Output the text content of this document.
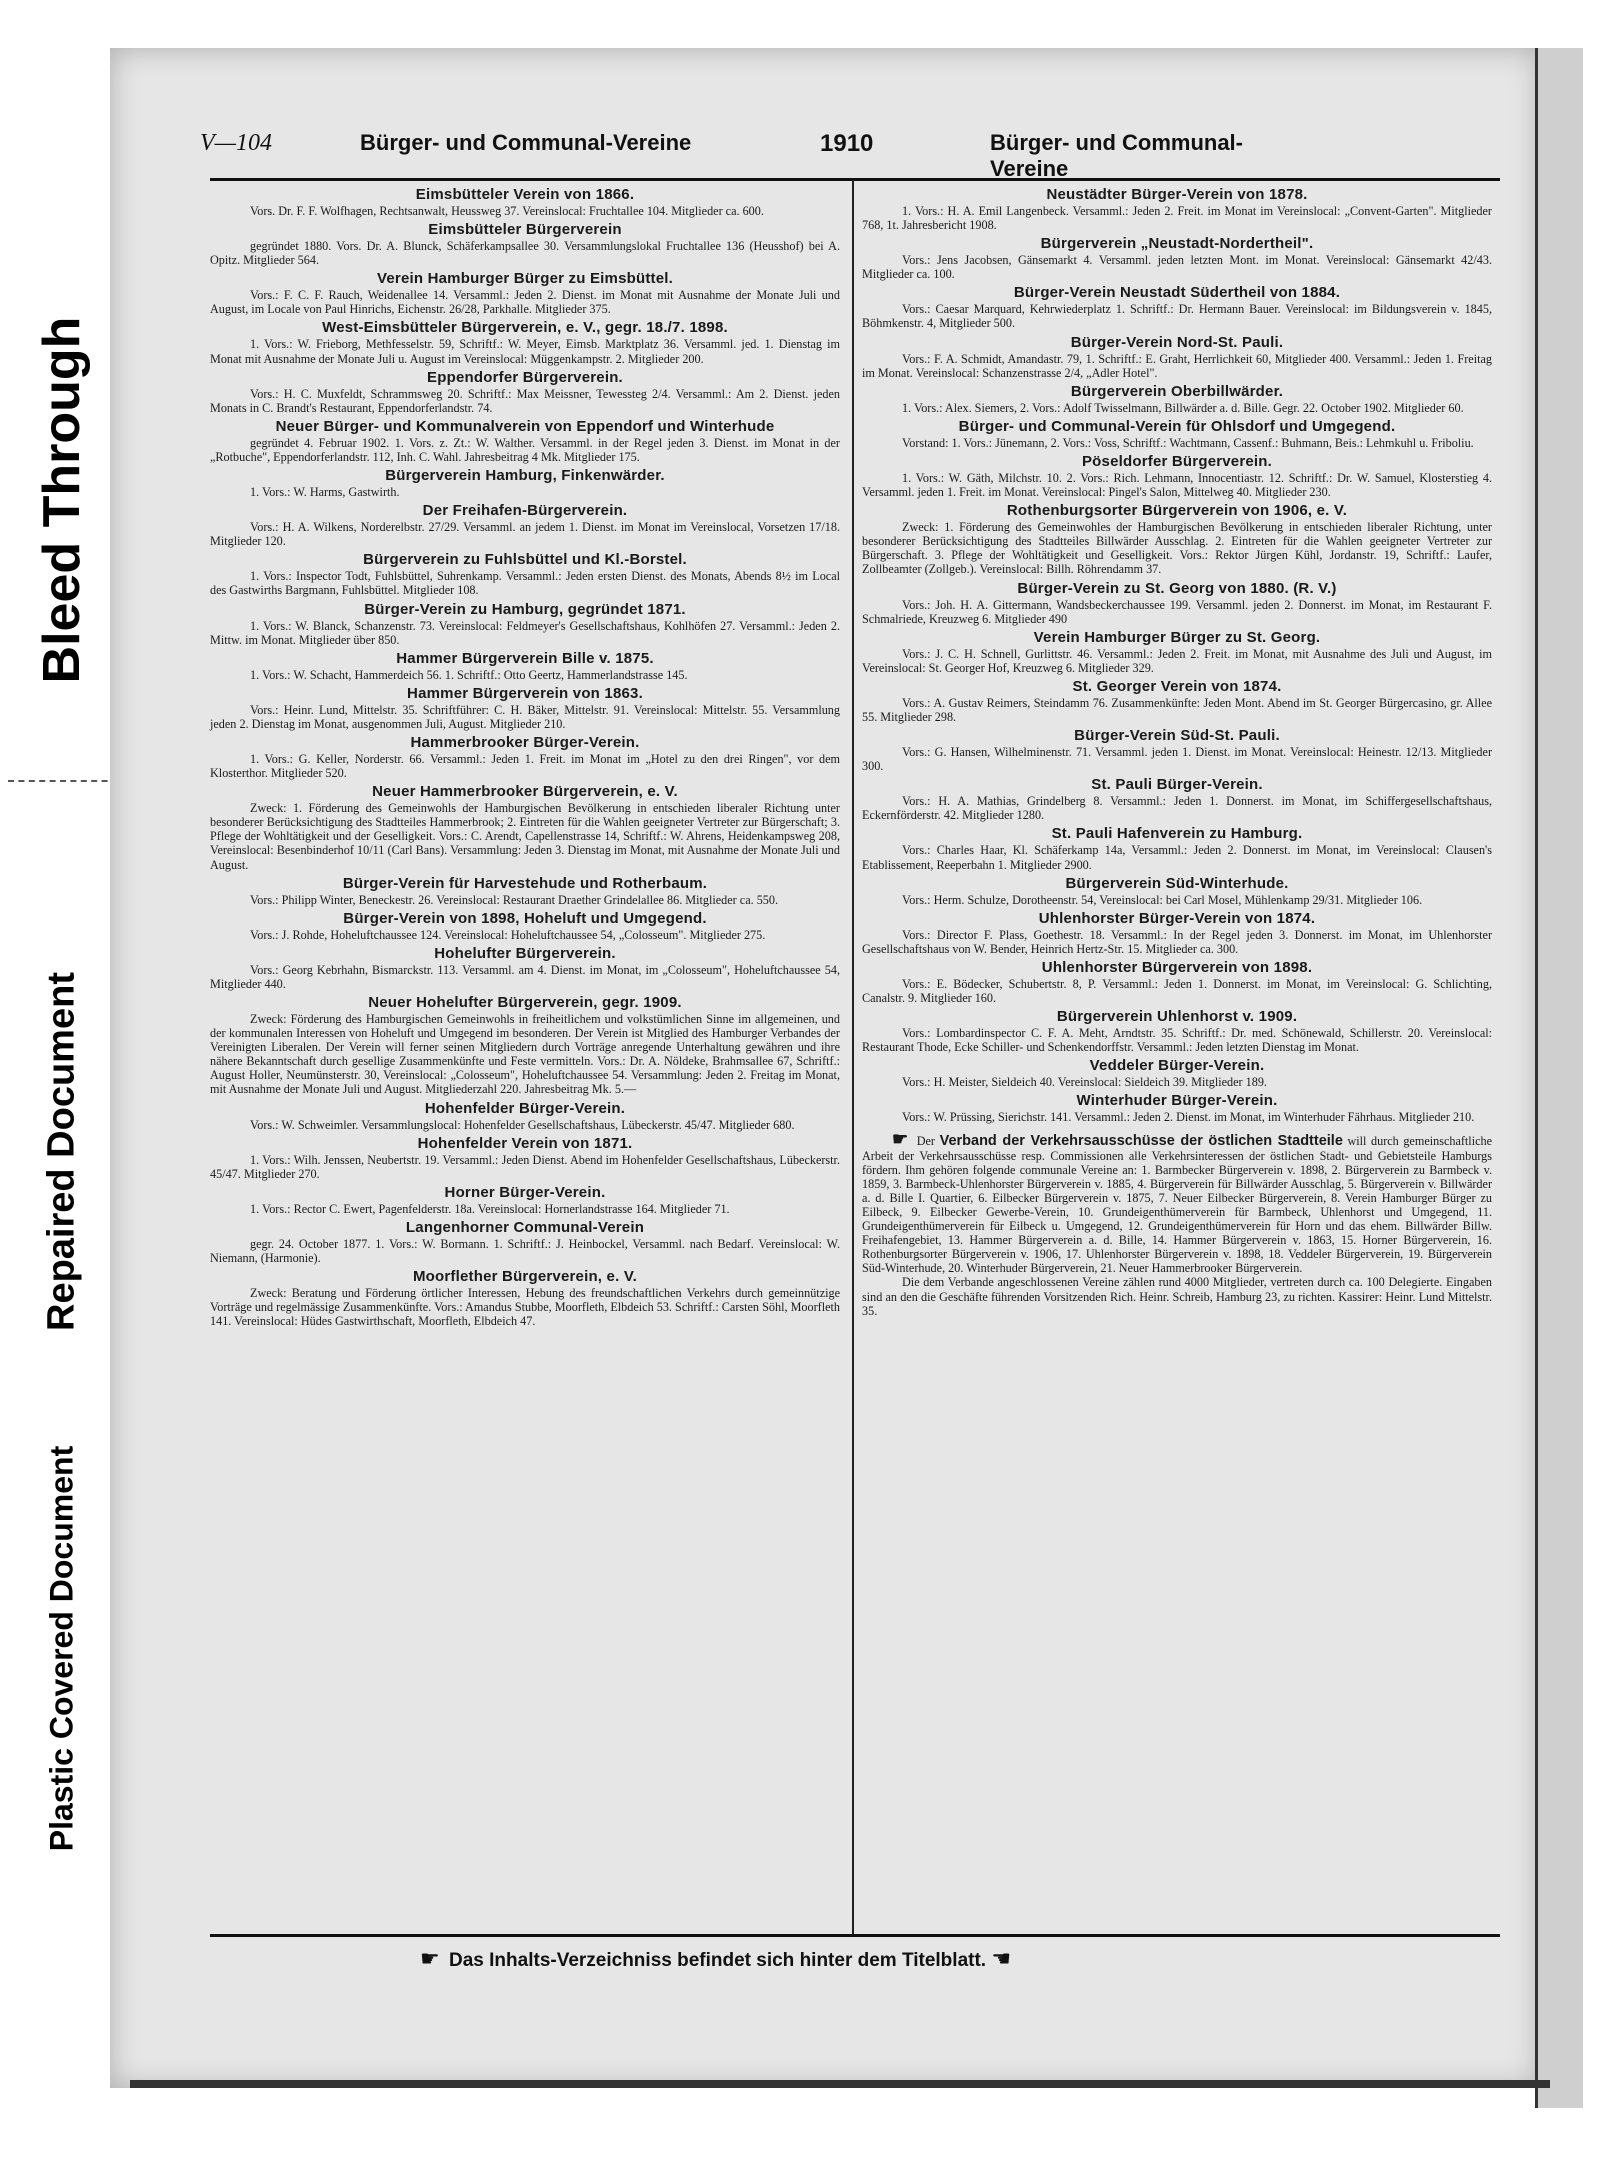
Bleed Through
Repaired Document
Plastic Covered Document
V—104	Bürger- und Communal-Vereine	1910	Bürger- und Communal-Vereine
Eimsbütteler Verein von 1866.
Vors. Dr. F. F. Wolfhagen, Rechtsanwalt, Heussweg 37. Vereinslocal: Fruchtallee 104. Mitglieder ca. 600.
Eimsbütteler Bürgerverein
gegründet 1880. Vors. Dr. A. Blunck, Schäferkampsallee 30. Versammlungslokal Fruchtallee 136 (Heusshof) bei A. Opitz. Mitglieder 564.
Verein Hamburger Bürger zu Eimsbüttel.
Vors.: F. C. F. Rauch, Weidenallee 14. Versamml.: Jeden 2. Dienst. im Monat mit Ausnahme der Monate Juli und August, im Locale von Paul Hinrichs, Eichenstr. 26/28, Parkhalle. Mitglieder 375.
West-Eimsbütteler Bürgerverein, e. V., gegr. 18./7. 1898.
1. Vors.: W. Frieborg, Methfesselstr. 59, Schriftf.: W. Meyer, Eimsb. Marktplatz 36. Versamml. jed. 1. Dienstag im Monat mit Ausnahme der Monate Juli u. August im Vereinslocal: Müggenkampstr. 2. Mitglieder 200.
Eppendorfer Bürgerverein.
Vors.: H. C. Muxfeldt, Schrammsweg 20. Schriftf.: Max Meissner, Tewessteg 2/4. Versamml.: Am 2. Dienst. jeden Monats in C. Brandt's Restaurant, Eppendorferlandstr. 74.
Neuer Bürger- und Kommunalverein von Eppendorf und Winterhude
gegründet 4. Februar 1902. 1. Vors. z. Zt.: W. Walther. Versamml. in der Regel jeden 3. Dienst. im Monat in der „Rotbuche", Eppendorferlandstr. 112, Inh. C. Wahl. Jahresbeitrag 4 Mk. Mitglieder 175.
Bürgerverein Hamburg, Finkenwärder.
1. Vors.: W. Harms, Gastwirth.
Der Freihafen-Bürgerverein.
Vors.: H. A. Wilkens, Norderelbstr. 27/29. Versamml. an jedem 1. Dienst. im Monat im Vereinslocal, Vorsetzen 17/18. Mitglieder 120.
Bürgerverein zu Fuhlsbüttel und Kl.-Borstel.
1. Vors.: Inspector Todt, Fuhlsbüttel, Suhrenkamp. Versamml.: Jeden ersten Dienst. des Monats, Abends 8½ im Local des Gastwirths Bargmann, Fuhlsbüttel. Mitglieder 108.
Bürger-Verein zu Hamburg, gegründet 1871.
1. Vors.: W. Blanck, Schanzenstr. 73. Vereinslocal: Feldmeyer's Gesellschaftshaus, Kohlhöfen 27. Versamml.: Jeden 2. Mittw. im Monat. Mitglieder über 850.
Hammer Bürgerverein Bille v. 1875.
1. Vors.: W. Schacht, Hammerdeich 56. 1. Schriftf.: Otto Geertz, Hammerlandstrasse 145.
Hammer Bürgerverein von 1863.
Vors.: Heinr. Lund, Mittelstr. 35. Schriftführer: C. H. Bäker, Mittelstr. 91. Vereinslocal: Mittelstr. 55. Versammlung jeden 2. Dienstag im Monat, ausgenommen Juli, August. Mitglieder 210.
Hammerbrooker Bürger-Verein.
1. Vors.: G. Keller, Norderstr. 66. Versamml.: Jeden 1. Freit. im Monat im „Hotel zu den drei Ringen", vor dem Klosterthor. Mitglieder 520.
Neuer Hammerbrooker Bürgerverein, e. V.
Zweck: 1. Förderung des Gemeinwohls der Hamburgischen Bevölkerung in entschieden liberaler Richtung unter besonderer Berücksichtigung des Stadtteiles Hammerbrook; 2. Eintreten für die Wahlen geeigneter Vertreter zur Bürgerschaft; 3. Pflege der Wohltätigkeit und der Geselligkeit. Vors.: C. Arendt, Capellenstrasse 14, Schriftf.: W. Ahrens, Heidenkampsweg 208, Vereinslocal: Besenbinderhof 10/11 (Carl Bans). Versammlung: Jeden 3. Dienstag im Monat, mit Ausnahme der Monate Juli und August.
Bürger-Verein für Harvestehude und Rotherbaum.
Vors.: Philipp Winter, Beneckestr. 26. Vereinslocal: Restaurant Draether Grindelallee 86. Mitglieder ca. 550.
Bürger-Verein von 1898, Hoheluft und Umgegend.
Vors.: J. Rohde, Hoheluftchaussee 124. Vereinslocal: Hoheluftchaussee 54, „Colosseum". Mitglieder 275.
Hohelufter Bürgerverein.
Vors.: Georg Kebrhahn, Bismarckstr. 113. Versamml. am 4. Dienst. im Monat, im „Colosseum", Hoheluftchaussee 54, Mitglieder 440.
Neuer Hohelufter Bürgerverein, gegr. 1909.
Zweck: Förderung des Hamburgischen Gemeinwohls in freiheitlichem und volkstümlichen Sinne im allgemeinen, und der kommunalen Interessen von Hoheluft und Umgegend im besonderen. Der Verein ist Mitglied des Hamburger Verbandes der Vereinigten Liberalen. Der Verein will ferner seinen Mitgliedern durch Vorträge anregende Unterhaltung gewähren und ihre nähere Bekanntschaft durch gesellige Zusammenkünfte und Feste vermitteln. Vors.: Dr. A. Nöldeke, Brahmsallee 67, Schriftf.: August Holler, Neumünsterstr. 30, Vereinslocal: „Colosseum", Hoheluftchaussee 54. Versammlung: Jeden 2. Freitag im Monat, mit Ausnahme der Monate Juli und August. Mitgliederzahl 220. Jahresbeitrag Mk. 5.—
Hohenfelder Bürger-Verein.
Vors.: W. Schweimler. Versammlungslocal: Hohenfelder Gesellschaftshaus, Lübeckerstr. 45/47. Mitglieder 680.
Hohenfelder Verein von 1871.
1. Vors.: Wilh. Jenssen, Neubertstr. 19. Versamml.: Jeden Dienst. Abend im Hohenfelder Gesellschaftshaus, Lübeckerstr. 45/47. Mitglieder 270.
Horner Bürger-Verein.
1. Vors.: Rector C. Ewert, Pagenfelderstr. 18a. Vereinslocal: Hornerlandstrasse 164. Mitglieder 71.
Langenhorner Communal-Verein
gegr. 24. October 1877. 1. Vors.: W. Bormann. 1. Schriftf.: J. Heinbockel, Versamml. nach Bedarf. Vereinslocal: W. Niemann, (Harmonie).
Moorflether Bürgerverein, e. V.
Zweck: Beratung und Förderung örtlicher Interessen, Hebung des freundschaftlichen Verkehrs durch gemeinnützige Vorträge und regelmässige Zusammenkünfte. Vors.: Amandus Stubbe, Moorfleth, Elbdeich 53. Schriftf.: Carsten Söhl, Moorfleth 141. Vereinslocal: Hüdes Gastwirthschaft, Moorfleth, Elbdeich 47.
Neustädter Bürger-Verein von 1878.
1. Vors.: H. A. Emil Langenbeck. Versamml.: Jeden 2. Freit. im Monat im Vereinslocal: „Convent-Garten". Mitglieder 768, 1t. Jahresbericht 1908.
Bürgerverein „Neustadt-Nordertheil".
Vors.: Jens Jacobsen, Gänsemarkt 4. Versamml. jeden letzten Mont. im Monat. Vereinslocal: Gänsemarkt 42/43. Mitglieder ca. 100.
Bürger-Verein Neustadt Südertheil von 1884.
Vors.: Caesar Marquard, Kehrwiederplatz 1. Schriftf.: Dr. Hermann Bauer. Vereinslocal: im Bildungsverein v. 1845, Böhmkenstr. 4, Mitglieder 500.
Bürger-Verein Nord-St. Pauli.
Vors.: F. A. Schmidt, Amandastr. 79, 1. Schriftf.: E. Graht, Herrlichkeit 60, Mitglieder 400. Versamml.: Jeden 1. Freitag im Monat. Vereinslocal: Schanzenstrasse 2/4, „Adler Hotel".
Bürgerverein Oberbillwärder.
1. Vors.: Alex. Siemers, 2. Vors.: Adolf Twisselmann, Billwärder a. d. Bille. Gegr. 22. October 1902. Mitglieder 60.
Bürger- und Communal-Verein für Ohlsdorf und Umgegend.
Vorstand: 1. Vors.: Jünemann, 2. Vors.: Voss, Schriftf.: Wachtmann, Cassenf.: Buhmann, Beis.: Lehmkuhl u. Friboliu.
Pöseldorfer Bürgerverein.
1. Vors.: W. Gäth, Milchstr. 10. 2. Vors.: Rich. Lehmann, Innocentiastr. 12. Schriftf.: Dr. W. Samuel, Klosterstieg 4. Versamml. jeden 1. Freit. im Monat. Vereinslocal: Pingel's Salon, Mittelweg 40. Mitglieder 230.
Rothenburgsorter Bürgerverein von 1906, e. V.
Zweck: 1. Förderung des Gemeinwohles der Hamburgischen Bevölkerung in entschieden liberaler Richtung, unter besonderer Berücksichtigung des Stadtteiles Billwärder Ausschlag. 2. Eintreten für die Wahlen geeigneter Vertreter zur Bürgerschaft. 3. Pflege der Wohltätigkeit und Geselligkeit. Vors.: Rektor Jürgen Kühl, Jordanstr. 19, Schriftf.: Laufer, Zollbeamter (Zollgeb.). Vereinslocal: Billh. Röhrendamm 37.
Bürger-Verein zu St. Georg von 1880. (R. V.)
Vors.: Joh. H. A. Gittermann, Wandsbeckerchaussee 199. Versamml. jeden 2. Donnerst. im Monat, im Restaurant F. Schmalriede, Kreuzweg 6. Mitglieder 490
Verein Hamburger Bürger zu St. Georg.
Vors.: J. C. H. Schnell, Gurlittstr. 46. Versamml.: Jeden 2. Freit. im Monat, mit Ausnahme des Juli und August, im Vereinslocal: St. Georger Hof, Kreuzweg 6. Mitglieder 329.
St. Georger Verein von 1874.
Vors.: A. Gustav Reimers, Steindamm 76. Zusammenkünfte: Jeden Mont. Abend im St. Georger Bürgercasino, gr. Allee 55. Mitglieder 298.
Bürger-Verein Süd-St. Pauli.
Vors.: G. Hansen, Wilhelminenstr. 71. Versamml. jeden 1. Dienst. im Monat. Vereinslocal: Heinestr. 12/13. Mitglieder 300.
St. Pauli Bürger-Verein.
Vors.: H. A. Mathias, Grindelberg 8. Versamml.: Jeden 1. Donnerst. im Monat, im Schiffergesellschaftshaus, Eckernförderstr. 42. Mitglieder 1280.
St. Pauli Hafenverein zu Hamburg.
Vors.: Charles Haar, Kl. Schäferkamp 14a, Versamml.: Jeden 2. Donnerst. im Monat, im Vereinslocal: Clausen's Etablissement, Reeperbahn 1. Mitglieder 2900.
Bürgerverein Süd-Winterhude.
Vors.: Herm. Schulze, Dorotheenstr. 54, Vereinslocal: bei Carl Mosel, Mühlenkamp 29/31. Mitglieder 106.
Uhlenhorster Bürger-Verein von 1874.
Vors.: Director F. Plass, Goethestr. 18. Versamml.: In der Regel jeden 3. Donnerst. im Monat, im Uhlenhorster Gesellschaftshaus von W. Bender, Heinrich Hertz-Str. 15. Mitglieder ca. 300.
Uhlenhorster Bürgerverein von 1898.
Vors.: E. Bödecker, Schubertstr. 8, P. Versamml.: Jeden 1. Donnerst. im Monat, im Vereinslocal: G. Schlichting, Canalstr. 9. Mitglieder 160.
Bürgerverein Uhlenhorst v. 1909.
Vors.: Lombardinspector C. F. A. Meht, Arndtstr. 35. Schriftf.: Dr. med. Schönewald, Schillerstr. 20. Vereinslocal: Restaurant Thode, Ecke Schiller- und Schenkendorffstr. Versamml.: Jeden letzten Dienstag im Monat.
Veddeler Bürger-Verein.
Vors.: H. Meister, Sieldeich 40. Vereinslocal: Sieldeich 39. Mitglieder 189.
Winterhuder Bürger-Verein.
Vors.: W. Prüssing, Sierichstr. 141. Versamml.: Jeden 2. Dienst. im Monat, im Winterhuder Fährhaus. Mitglieder 210.
☛ Der Verband der Verkehrsausschüsse der östlichen Stadtteile will durch gemeinschaftliche Arbeit der Verkehrsausschüsse resp. Commissionen alle Verkehrsinteressen der östlichen Stadt- und Gebietsteile Hamburgs fördern. Ihm gehören folgende communale Vereine an: 1. Barmbecker Bürgerverein v. 1898, 2. Bürgerverein zu Barmbeck v. 1859, 3. Barmbeck-Uhlenhorster Bürgerverein v. 1885, 4. Bürgerverein für Billwärder Ausschlag, 5. Bürgerverein v. Billwärder a. d. Bille I. Quartier, 6. Eilbecker Bürgerverein v. 1875, 7. Neuer Eilbecker Bürgerverein, 8. Verein Hamburger Bürger zu Eilbeck, 9. Eilbecker Gewerbe-Verein, 10. Grundeigenthümerverein für Barmbeck, Uhlenhorst und Umgegend, 11. Grundeigenthümerverein für Eilbeck u. Umgegend, 12. Grundeigenthümerverein für Horn und das ehem. Billwärder Billw. Freihafengebiet, 13. Hammer Bürgerverein a. d. Bille, 14. Hammer Bürgerverein v. 1863, 15. Horner Bürgerverein, 16. Rothenburgsorter Bürgerverein v. 1906, 17. Uhlenhorster Bürgerverein v. 1898, 18. Veddeler Bürgerverein, 19. Bürgerverein Süd-Winterhude, 20. Winterhuder Bürgerverein, 21. Neuer Hammerbrooker Bürgerverein.
Die dem Verbande angeschlossenen Vereine zählen rund 4000 Mitglieder, vertreten durch ca. 100 Delegierte. Eingaben sind an den die Geschäfte führenden Vorsitzenden Rich. Heinr. Schreib, Hamburg 23, zu richten. Kassirer: Heinr. Lund Mittelstr. 35.
☛ Das Inhalts-Verzeichniss befindet sich hinter dem Titelblatt. ☚
